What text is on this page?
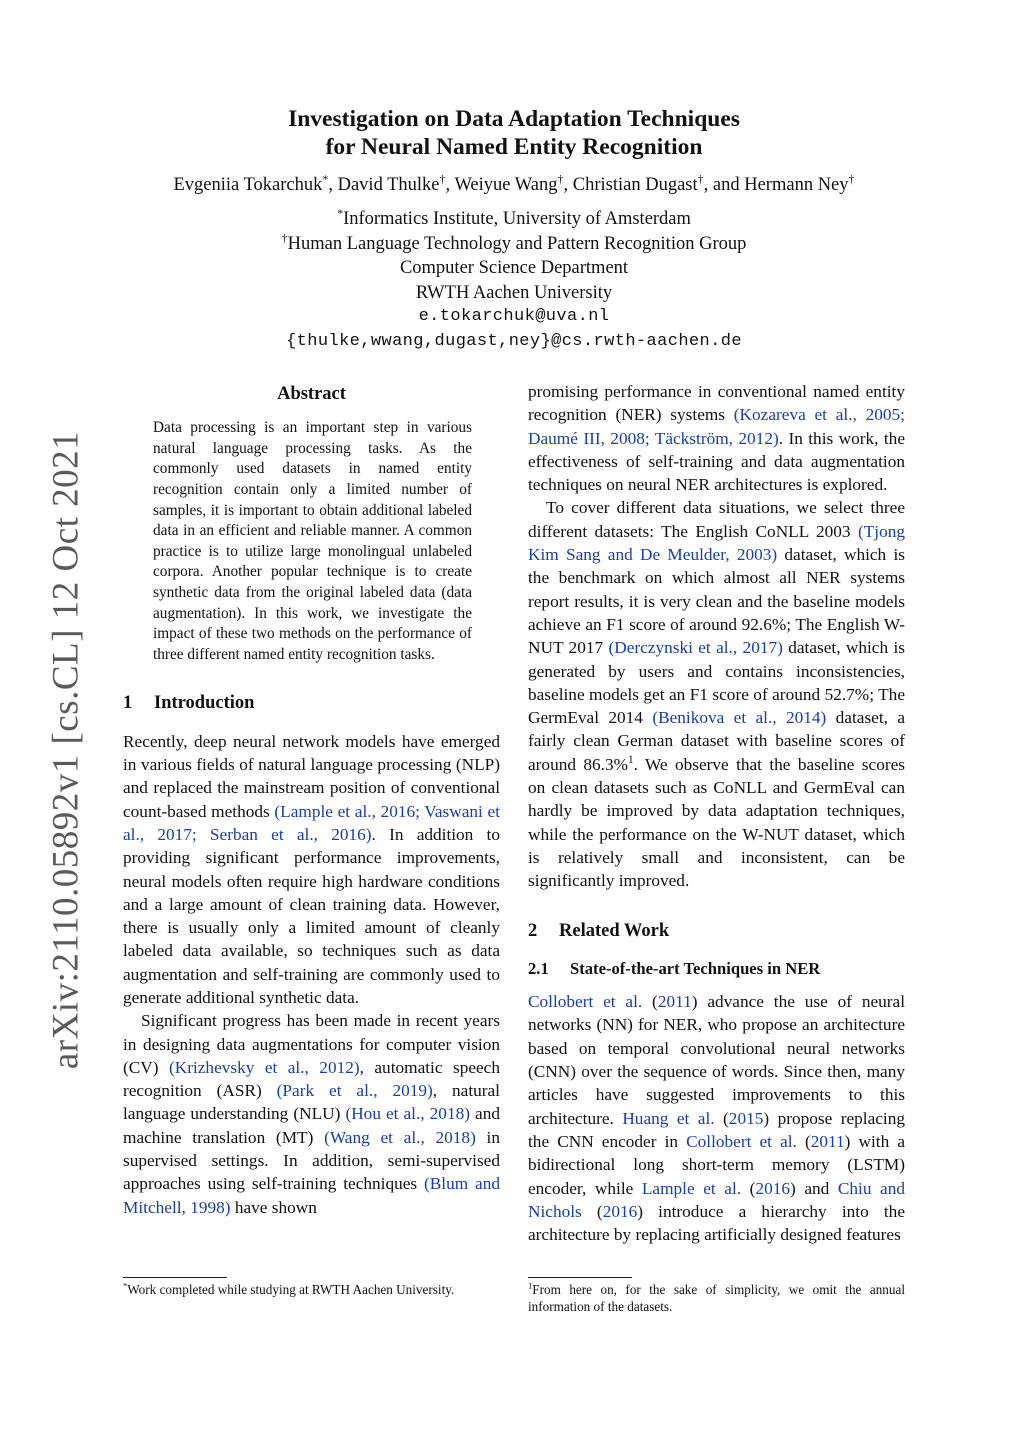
arXiv:2110.05892v1 [cs.CL] 12 Oct 2021
Investigation on Data Adaptation Techniques
for Neural Named Entity Recognition
Evgeniia Tokarchuk*, David Thulke†, Weiyue Wang†, Christian Dugast†, and Hermann Ney†
*Informatics Institute, University of Amsterdam
†Human Language Technology and Pattern Recognition Group
Computer Science Department
RWTH Aachen University
e.tokarchuk@uva.nl
{thulke,wwang,dugast,ney}@cs.rwth-aachen.de
Abstract
Data processing is an important step in various natural language processing tasks. As the commonly used datasets in named entity recognition contain only a limited number of samples, it is important to obtain additional labeled data in an efficient and reliable manner. A common practice is to utilize large monolingual unlabeled corpora. Another popular technique is to create synthetic data from the original labeled data (data augmentation). In this work, we investigate the impact of these two methods on the performance of three different named entity recognition tasks.
1 Introduction

Recently, deep neural network models have emerged in various fields of natural language processing (NLP) and replaced the mainstream position of conventional count-based methods (Lample et al., 2016; Vaswani et al., 2017; Serban et al., 2016). In addition to providing significant performance improvements, neural models often require high hardware conditions and a large amount of clean training data. However, there is usually only a limited amount of cleanly labeled data available, so techniques such as data augmentation and self-training are commonly used to generate additional synthetic data.

Significant progress has been made in recent years in designing data augmentations for computer vision (CV) (Krizhevsky et al., 2012), automatic speech recognition (ASR) (Park et al., 2019), natural language understanding (NLU) (Hou et al., 2018) and machine translation (MT) (Wang et al., 2018) in supervised settings. In addition, semi-supervised approaches using self-training techniques (Blum and Mitchell, 1998) have shown

promising performance in conventional named entity recognition (NER) systems (Kozareva et al., 2005; Daumé III, 2008; Täckström, 2012). In this work, the effectiveness of self-training and data augmentation techniques on neural NER architectures is explored.

To cover different data situations, we select three different datasets: The English CoNLL 2003 (Tjong Kim Sang and De Meulder, 2003) dataset, which is the benchmark on which almost all NER systems report results, it is very clean and the baseline models achieve an F1 score of around 92.6%; The English W-NUT 2017 (Derczynski et al., 2017) dataset, which is generated by users and contains inconsistencies, baseline models get an F1 score of around 52.7%; The GermEval 2014 (Benikova et al., 2014) dataset, a fairly clean German dataset with baseline scores of around 86.3%$^1$. We observe that the baseline scores on clean datasets such as CoNLL and GermEval can hardly be improved by data adaptation techniques, while the performance on the W-NUT dataset, which is relatively small and inconsistent, can be significantly improved.

2 Related Work
2.1 State-of-the-art Techniques in NER

Collobert et al. (2011) advance the use of neural networks (NN) for NER, who propose an architecture based on temporal convolutional neural networks (CNN) over the sequence of words. Since then, many articles have suggested improvements to this architecture. Huang et al. (2015) propose replacing the CNN encoder in Collobert et al. (2011) with a bidirectional long short-term memory (LSTM) encoder, while Lample et al. (2016) and Chiu and Nichols (2016) introduce a hierarchy into the architecture by replacing artificially designed features

*Work completed while studying at RWTH Aachen University.	$^1$From here on, for the sake of simplicity, we omit the annual information of the datasets.
